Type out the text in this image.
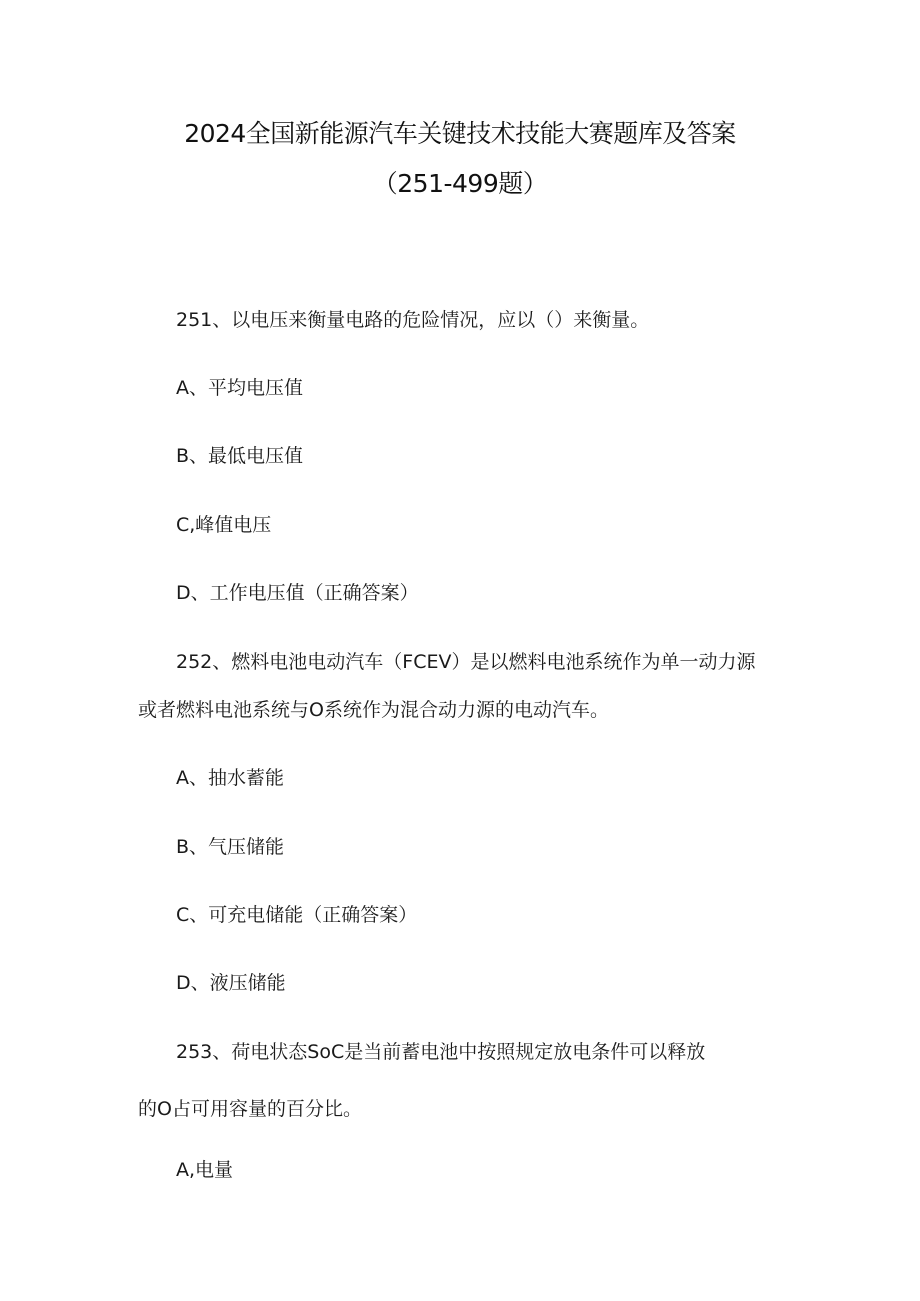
2024全国新能源汽车关键技术技能大赛题库及答案
（251-499题）
251、以电压来衡量电路的危险情况，应以（）来衡量。
A、平均电压值
B、最低电压值
C,峰值电压
D、工作电压值（正确答案）
252、燃料电池电动汽车（FCEV）是以燃料电池系统作为单一动力源
或者燃料电池系统与O系统作为混合动力源的电动汽车。
A、抽水蓄能
B、气压储能
C、可充电储能（正确答案）
D、液压储能
253、荷电状态SoC是当前蓄电池中按照规定放电条件可以释放
的O占可用容量的百分比。
A,电量
